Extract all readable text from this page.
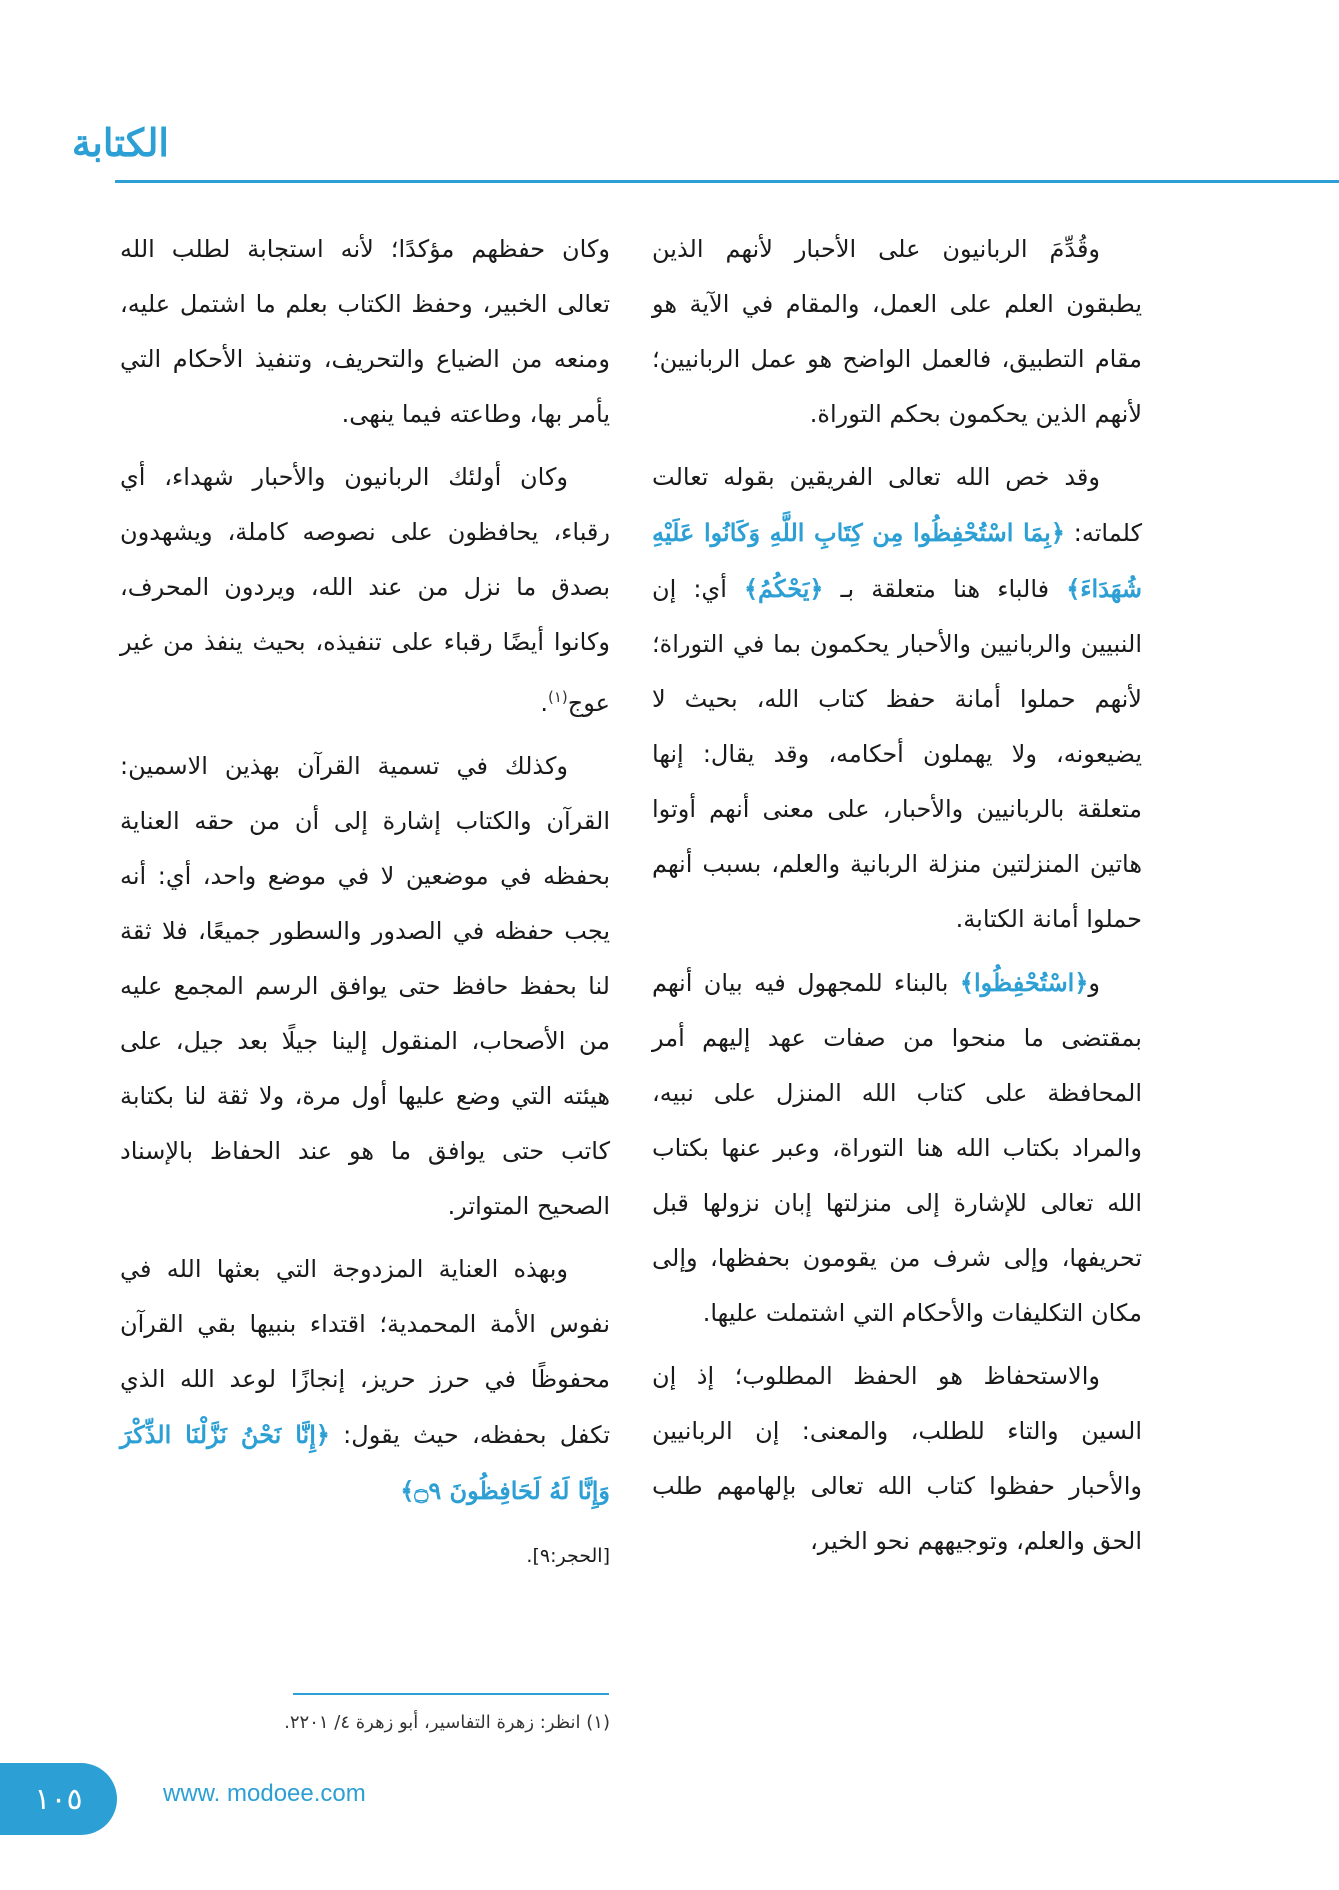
الكتابة

وقُدِّمَ الربانيون على الأحبار لأنهم الذين يطبقون العلم على العمل، والمقام في الآية هو مقام التطبيق، فالعمل الواضح هو عمل الربانيين؛ لأنهم الذين يحكمون بحكم التوراة.

وقد خص الله تعالى الفريقين بقوله تعالت كلماته: ﴿بِمَا اسْتُحْفِظُوا مِن كِتَابِ اللَّهِ وَكَانُوا عَلَيْهِ شُهَدَاءَ﴾ فالباء هنا متعلقة بـ ﴿يَحْكُمُ﴾ أي: إن النبيين والربانيين والأحبار يحكمون بما في التوراة؛ لأنهم حملوا أمانة حفظ كتاب الله، بحيث لا يضيعونه، ولا يهملون أحكامه، وقد يقال: إنها متعلقة بالربانيين والأحبار، على معنى أنهم أوتوا هاتين المنزلتين منزلة الربانية والعلم، بسبب أنهم حملوا أمانة الكتابة.

و﴿اسْتُحْفِظُوا﴾ بالبناء للمجهول فيه بيان أنهم بمقتضى ما منحوا من صفات عهد إليهم أمر المحافظة على كتاب الله المنزل على نبيه، والمراد بكتاب الله هنا التوراة، وعبر عنها بكتاب الله تعالى للإشارة إلى منزلتها إبان نزولها قبل تحريفها، وإلى شرف من يقومون بحفظها، وإلى مكان التكليفات والأحكام التي اشتملت عليها.

والاستحفاظ هو الحفظ المطلوب؛ إذ إن السين والتاء للطلب، والمعنى: إن الربانيين والأحبار حفظوا كتاب الله تعالى بإلهامهم طلب الحق والعلم، وتوجيههم نحو الخير،

وكان حفظهم مؤكدًا؛ لأنه استجابة لطلب الله تعالى الخبير، وحفظ الكتاب بعلم ما اشتمل عليه، ومنعه من الضياع والتحريف، وتنفيذ الأحكام التي يأمر بها، وطاعته فيما ينهى.

وكان أولئك الربانيون والأحبار شهداء، أي رقباء، يحافظون على نصوصه كاملة، ويشهدون بصدق ما نزل من عند الله، ويردون المحرف، وكانوا أيضًا رقباء على تنفيذه، بحيث ينفذ من غير عوج$^{(١)}$.

وكذلك في تسمية القرآن بهذين الاسمين: القرآن والكتاب إشارة إلى أن من حقه العناية بحفظه في موضعين لا في موضع واحد، أي: أنه يجب حفظه في الصدور والسطور جميعًا، فلا ثقة لنا بحفظ حافظ حتى يوافق الرسم المجمع عليه من الأصحاب، المنقول إلينا جيلًا بعد جيل، على هيئته التي وضع عليها أول مرة، ولا ثقة لنا بكتابة كاتب حتى يوافق ما هو عند الحفاظ بالإسناد الصحيح المتواتر.

وبهذه العناية المزدوجة التي بعثها الله في نفوس الأمة المحمدية؛ اقتداء بنبيها بقي القرآن محفوظًا في حرز حريز، إنجازًا لوعد الله الذي تكفل بحفظه، حيث يقول: ﴿إِنَّا نَحْنُ نَزَّلْنَا الذِّكْرَ وَإِنَّا لَهُ لَحَافِظُونَ ۝٩﴾

[الحجر:٩].

(١) انظر: زهرة التفاسير، أبو زهرة ٤/ ٢٢٠١.
١٠٥	www. modoee.com
